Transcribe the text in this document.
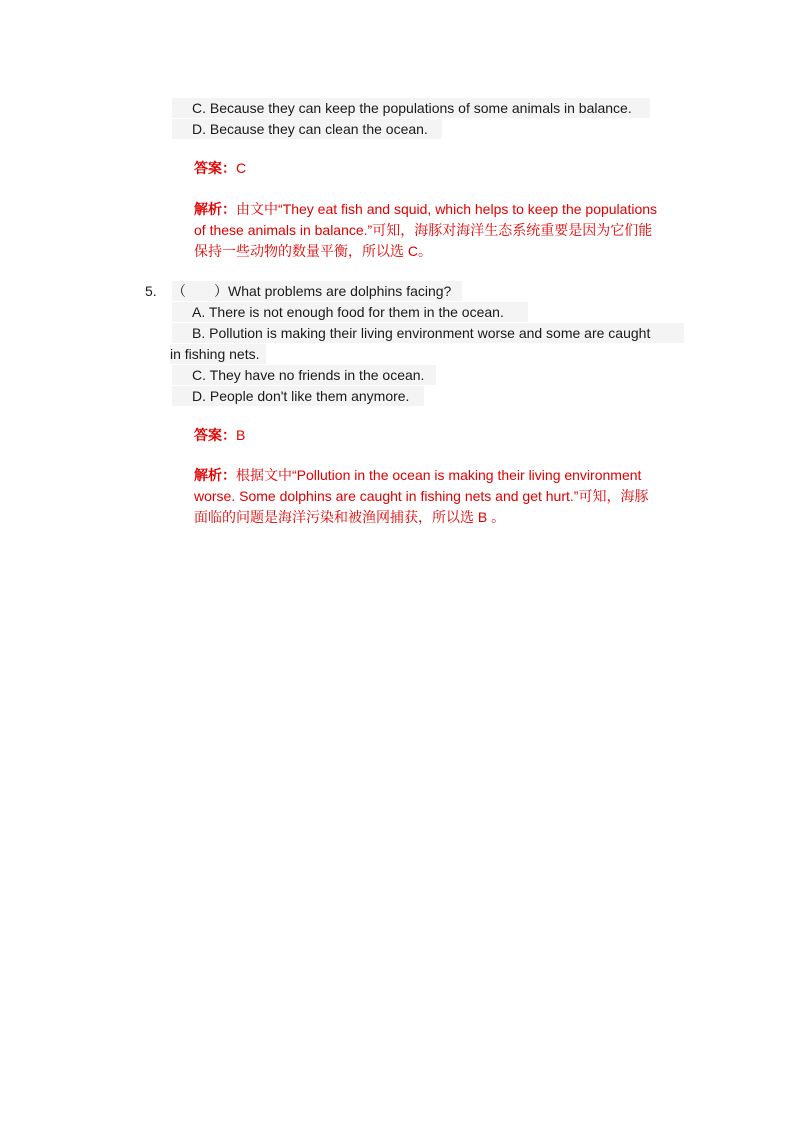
C. Because they can keep the populations of some animals in balance.
D. Because they can clean the ocean.
答案：C
解析：由文中“They eat fish and squid, which helps to keep the populations
of these animals in balance.”可知，海豚对海洋生态系统重要是因为它们能
保持一些动物的数量平衡，所以选 C。
5. （　　）What problems are dolphins facing?
A. There is not enough food for them in the ocean.
B. Pollution is making their living environment worse and some are caught
in fishing nets.
C. They have no friends in the ocean.
D. People don't like them anymore.
答案：B
解析：根据文中“Pollution in the ocean is making their living environment
worse. Some dolphins are caught in fishing nets and get hurt.”可知，海豚
面临的问题是海洋污染和被渔网捕获，所以选 B 。
